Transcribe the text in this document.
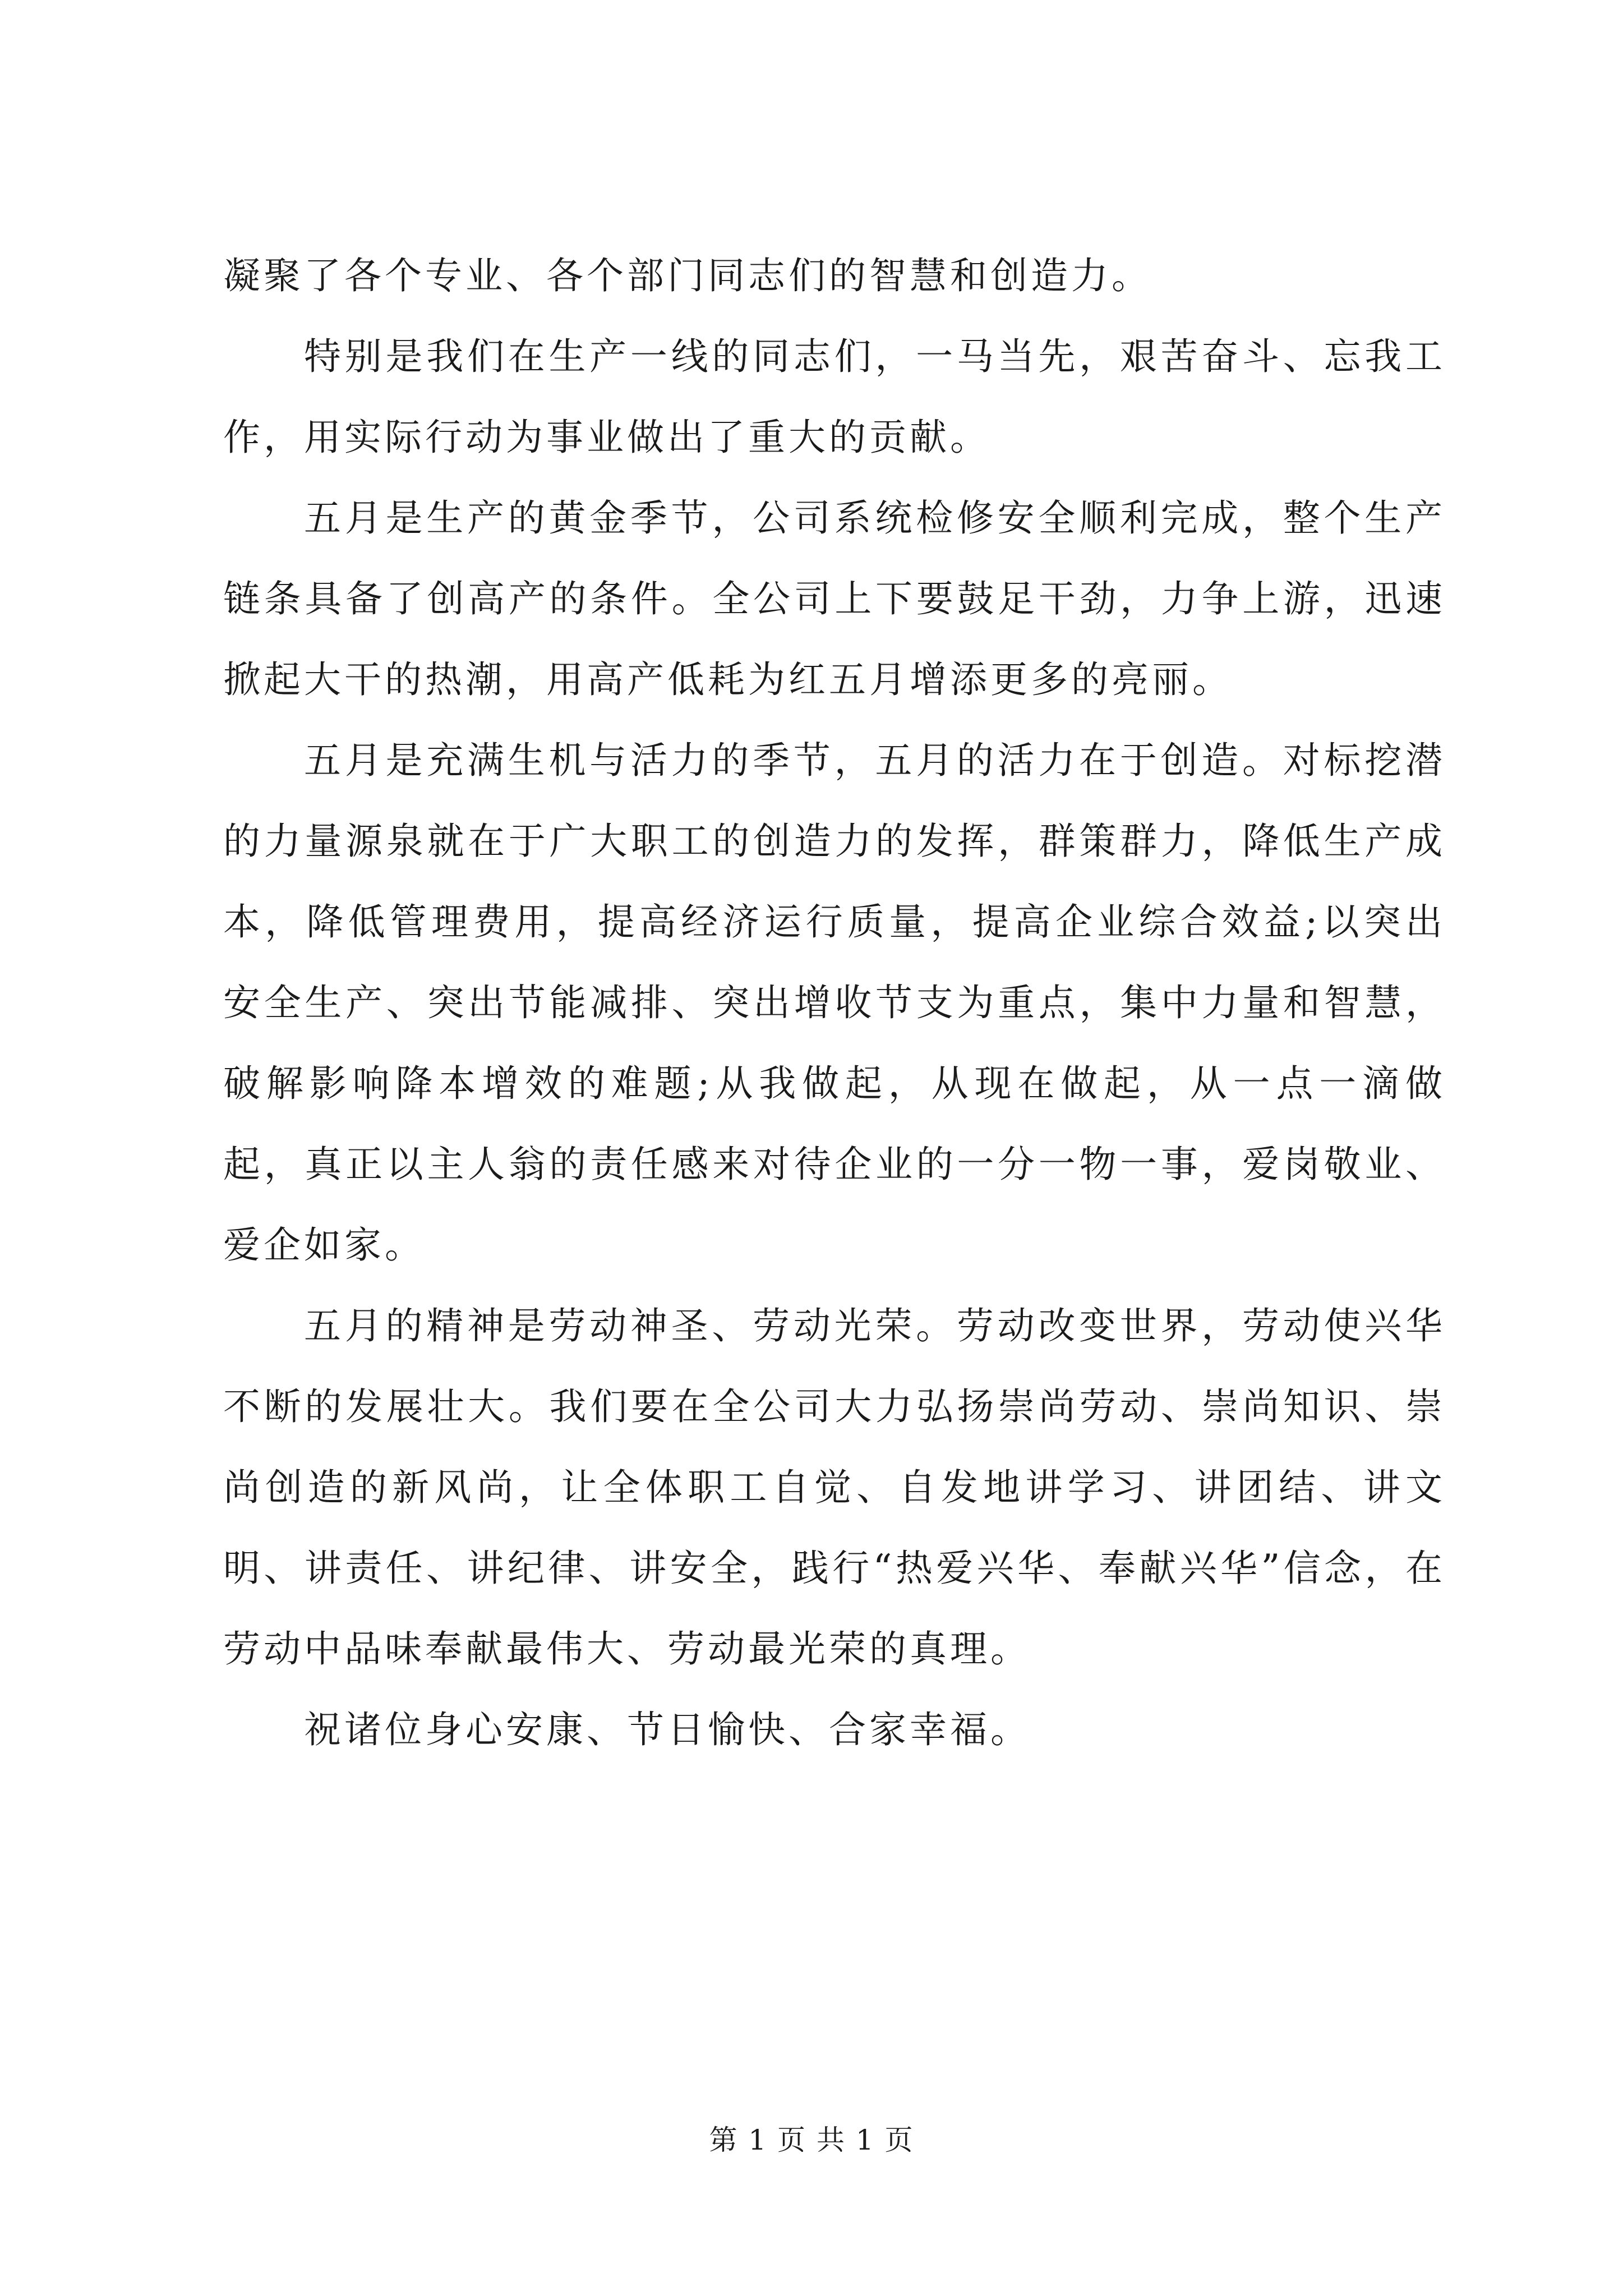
凝聚了各个专业、各个部门同志们的智慧和创造力。

特别是我们在生产一线的同志们，一马当先，艰苦奋斗、忘我工作，用实际行动为事业做出了重大的贡献。

五月是生产的黄金季节，公司系统检修安全顺利完成，整个生产链条具备了创高产的条件。全公司上下要鼓足干劲，力争上游，迅速掀起大干的热潮，用高产低耗为红五月增添更多的亮丽。

五月是充满生机与活力的季节，五月的活力在于创造。对标挖潜的力量源泉就在于广大职工的创造力的发挥，群策群力，降低生产成本，降低管理费用，提高经济运行质量，提高企业综合效益;以突出安全生产、突出节能减排、突出增收节支为重点，集中力量和智慧，破解影响降本增效的难题;从我做起，从现在做起，从一点一滴做起，真正以主人翁的责任感来对待企业的一分一物一事，爱岗敬业、爱企如家。

五月的精神是劳动神圣、劳动光荣。劳动改变世界，劳动使兴华不断的发展壮大。我们要在全公司大力弘扬崇尚劳动、崇尚知识、崇尚创造的新风尚，让全体职工自觉、自发地讲学习、讲团结、讲文明、讲责任、讲纪律、讲安全，践行“热爱兴华、奉献兴华”信念，在劳动中品味奉献最伟大、劳动最光荣的真理。

祝诸位身心安康、节日愉快、合家幸福。

第 1 页 共 1 页
